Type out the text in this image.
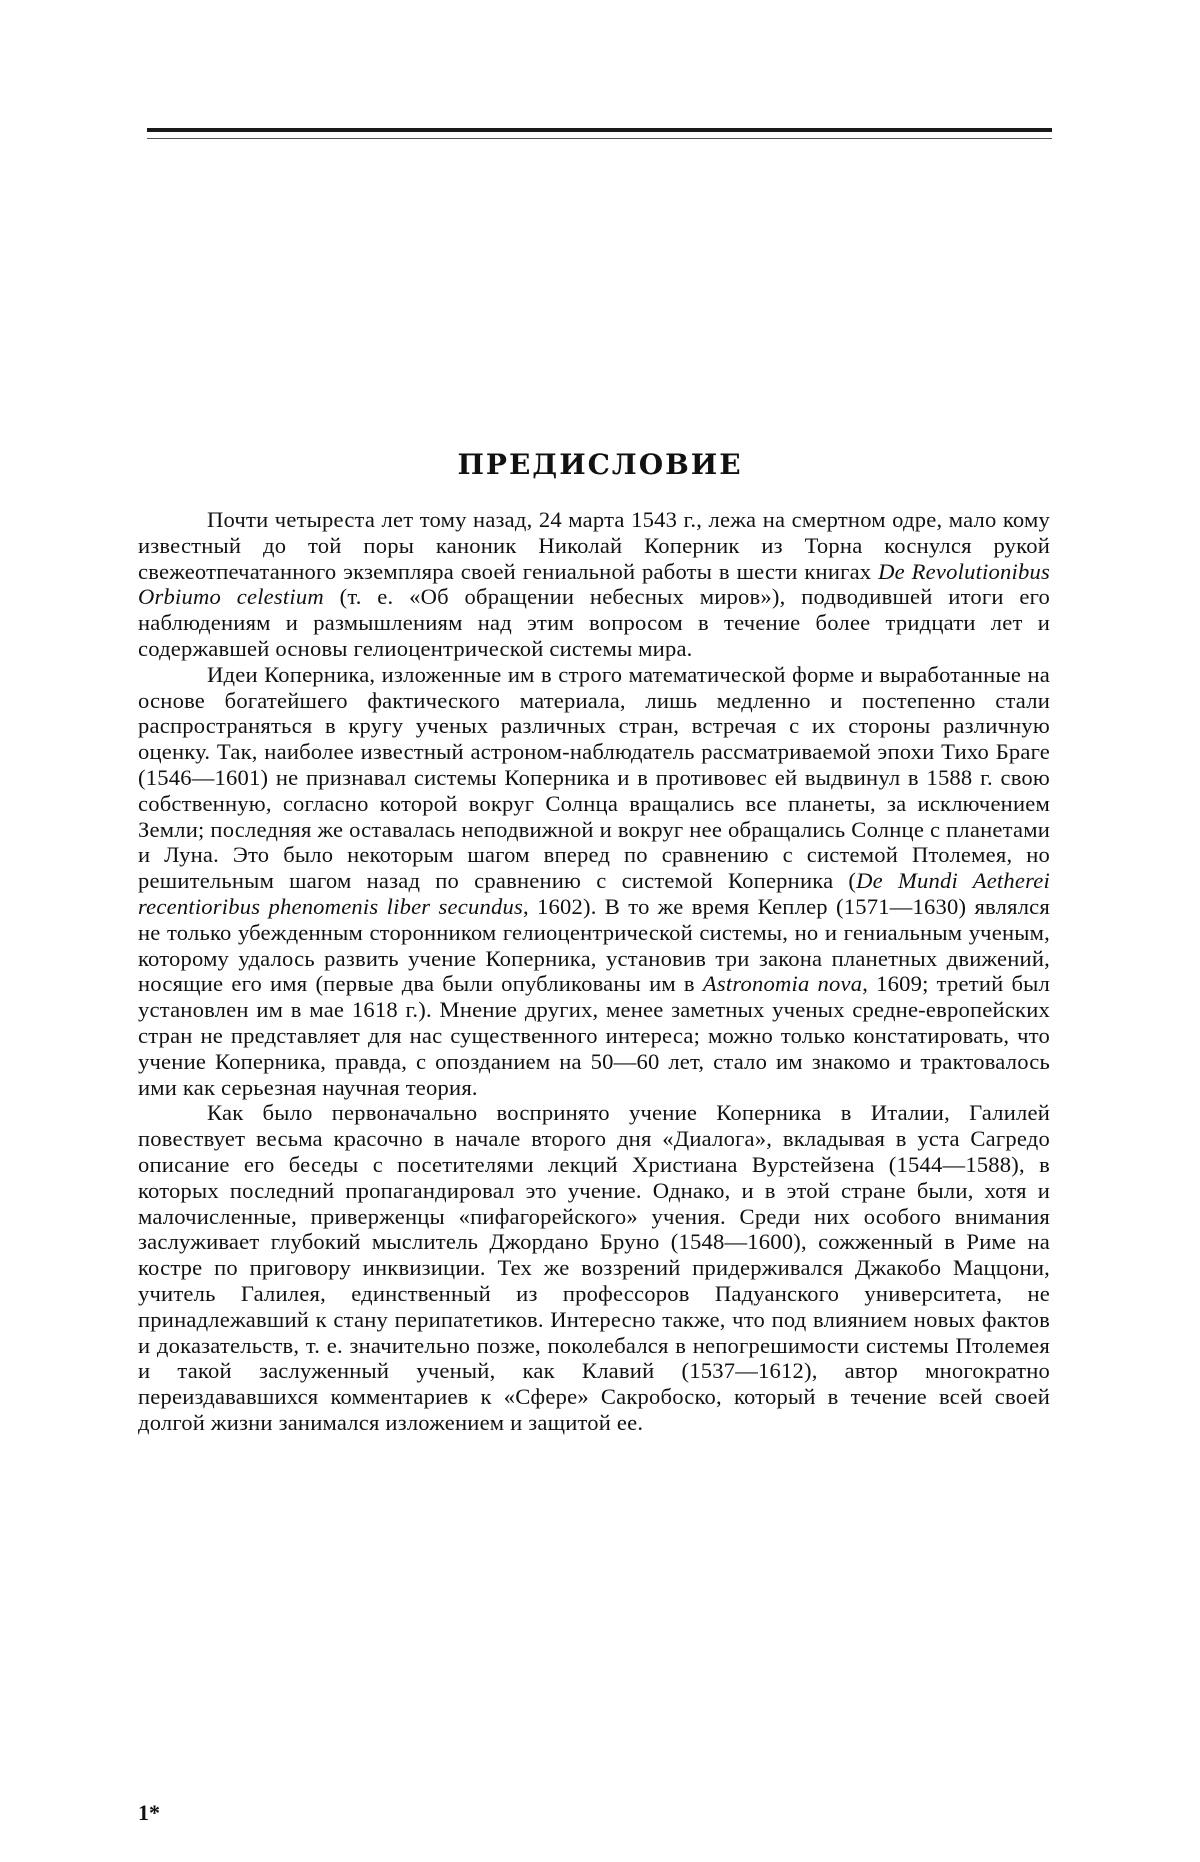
ПРЕДИСЛОВИЕ

Почти четыреста лет тому назад, 24 марта 1543 г., лежа на смертном одре, мало кому известный до той поры каноник Николай Коперник из Торна коснулся рукой свежеотпечатанного экземпляра своей гениальной работы в шести книгах De Revolutionibus Orbiumo celestium (т. е. «Об обращении небесных миров»), подводившей итоги его наблюдениям и размышлениям над этим вопросом в течение более тридцати лет и содержавшей основы гелиоцентрической системы мира.

Идеи Коперника, изложенные им в строго математической форме и выработанные на основе богатейшего фактического материала, лишь медленно и постепенно стали распространяться в кругу ученых различных стран, встречая с их стороны различную оценку. Так, наиболее известный астроном-наблюдатель рассматриваемой эпохи Тихо Браге (1546—1601) не признавал системы Коперника и в противовес ей выдвинул в 1588 г. свою собственную, согласно которой вокруг Солнца вращались все планеты, за исключением Земли; последняя же оставалась неподвижной и вокруг нее обращались Солнце с планетами и Луна. Это было некоторым шагом вперед по сравнению с системой Птолемея, но решительным шагом назад по сравнению с системой Коперника (De Mundi Aetherei recentioribus phenomenis liber secundus, 1602). В то же время Кеплер (1571—1630) являлся не только убежденным сторонником гелиоцентрической системы, но и гениальным ученым, которому удалось развить учение Коперника, установив три закона планетных движений, носящие его имя (первые два были опубликованы им в Astronomia nova, 1609; третий был установлен им в мае 1618 г.). Мнение других, менее заметных ученых средне-европейских стран не представляет для нас существенного интереса; можно только констатировать, что учение Коперника, правда, с опозданием на 50—60 лет, стало им знакомо и трактовалось ими как серьезная научная теория.

Как было первоначально воспринято учение Коперника в Италии, Галилей повествует весьма красочно в начале второго дня «Диалога», вкладывая в уста Сагредо описание его беседы с посетителями лекций Христиана Вурстейзена (1544—1588), в которых последний пропагандировал это учение. Однако, и в этой стране были, хотя и малочисленные, приверженцы «пифагорейского» учения. Среди них особого внимания заслуживает глубокий мыслитель Джордано Бруно (1548—1600), сожженный в Риме на костре по приговору инквизиции. Тех же воззрений придерживался Джакобо Маццони, учитель Галилея, единственный из профессоров Падуанского университета, не принадлежавший к стану перипатетиков. Интересно также, что под влиянием новых фактов и доказательств, т. е. значительно позже, поколебался в непогрешимости системы Птолемея и такой заслуженный ученый, как Клавий (1537—1612), автор многократно переиздававшихся комментариев к «Сфере» Сакробоско, который в течение всей своей долгой жизни занимался изложением и защитой ее.

1*
